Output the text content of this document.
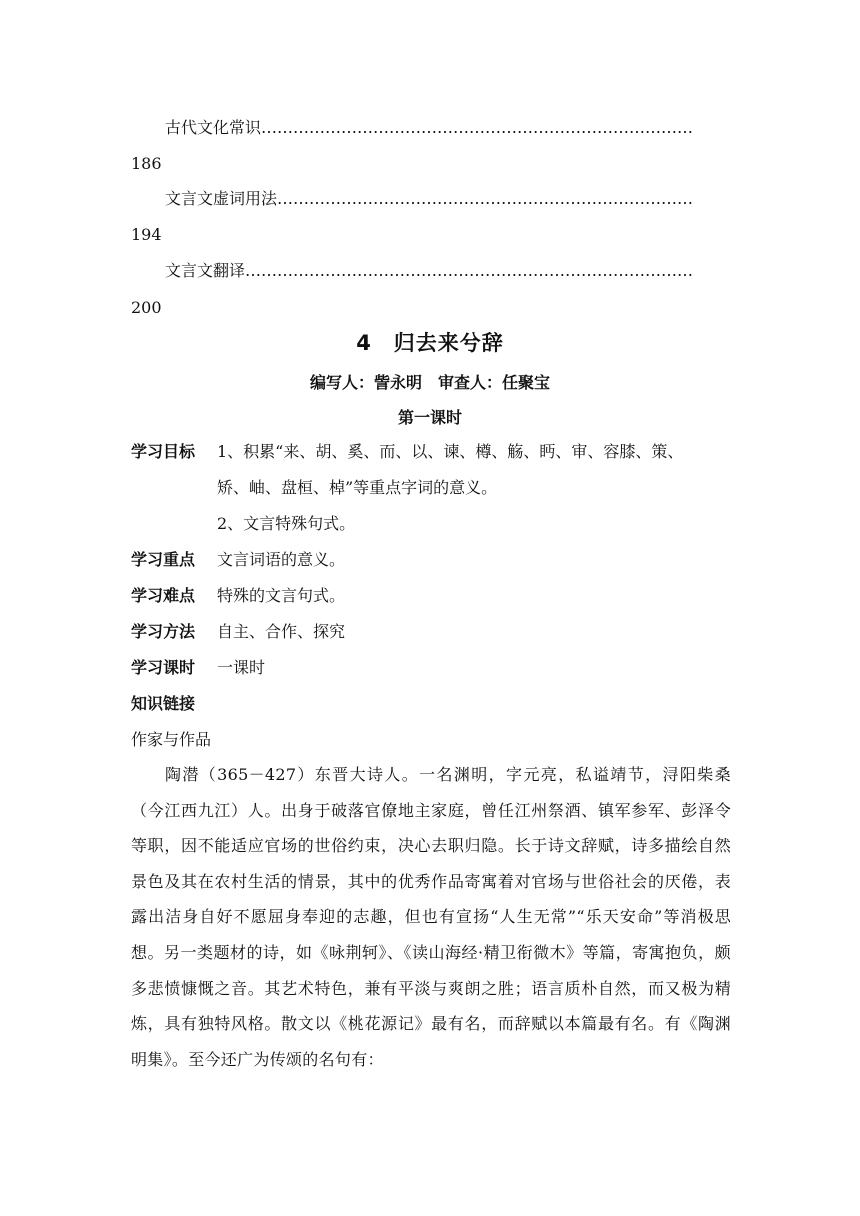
古代文化常识………………………………………………………………………
186
文言文虚词用法……………………………………………………………………
194
文言文翻译…………………………………………………………………………
200
4　归去来兮辞
编写人：訾永明　审查人：任聚宝
第一课时
学习目标 1、积累“来、胡、奚、而、以、谏、樽、觞、眄、审、容膝、策、
矫、岫、盘桓、棹”等重点字词的意义。
2、文言特殊句式。
学习重点 文言词语的意义。
学习难点 特殊的文言句式。
学习方法 自主、合作、探究
学习课时 一课时
知识链接
作家与作品
陶潜（365－427）东晋大诗人。一名渊明，字元亮，私谥靖节，浔阳柴桑（今江西九江）人。出身于破落官僚地主家庭，曾任江州祭酒、镇军参军、彭泽令等职，因不能适应官场的世俗约束，决心去职归隐。长于诗文辞赋，诗多描绘自然景色及其在农村生活的情景，其中的优秀作品寄寓着对官场与世俗社会的厌倦，表露出洁身自好不愿屈身奉迎的志趣，但也有宣扬“人生无常”“乐天安命”等消极思想。另一类题材的诗，如《咏荆轲》、《读山海经·精卫衔微木》等篇，寄寓抱负，颇多悲愤慷慨之音。其艺术特色，兼有平淡与爽朗之胜；语言质朴自然，而又极为精炼，具有独特风格。散文以《桃花源记》最有名，而辞赋以本篇最有名。有《陶渊明集》。至今还广为传颂的名句有：
